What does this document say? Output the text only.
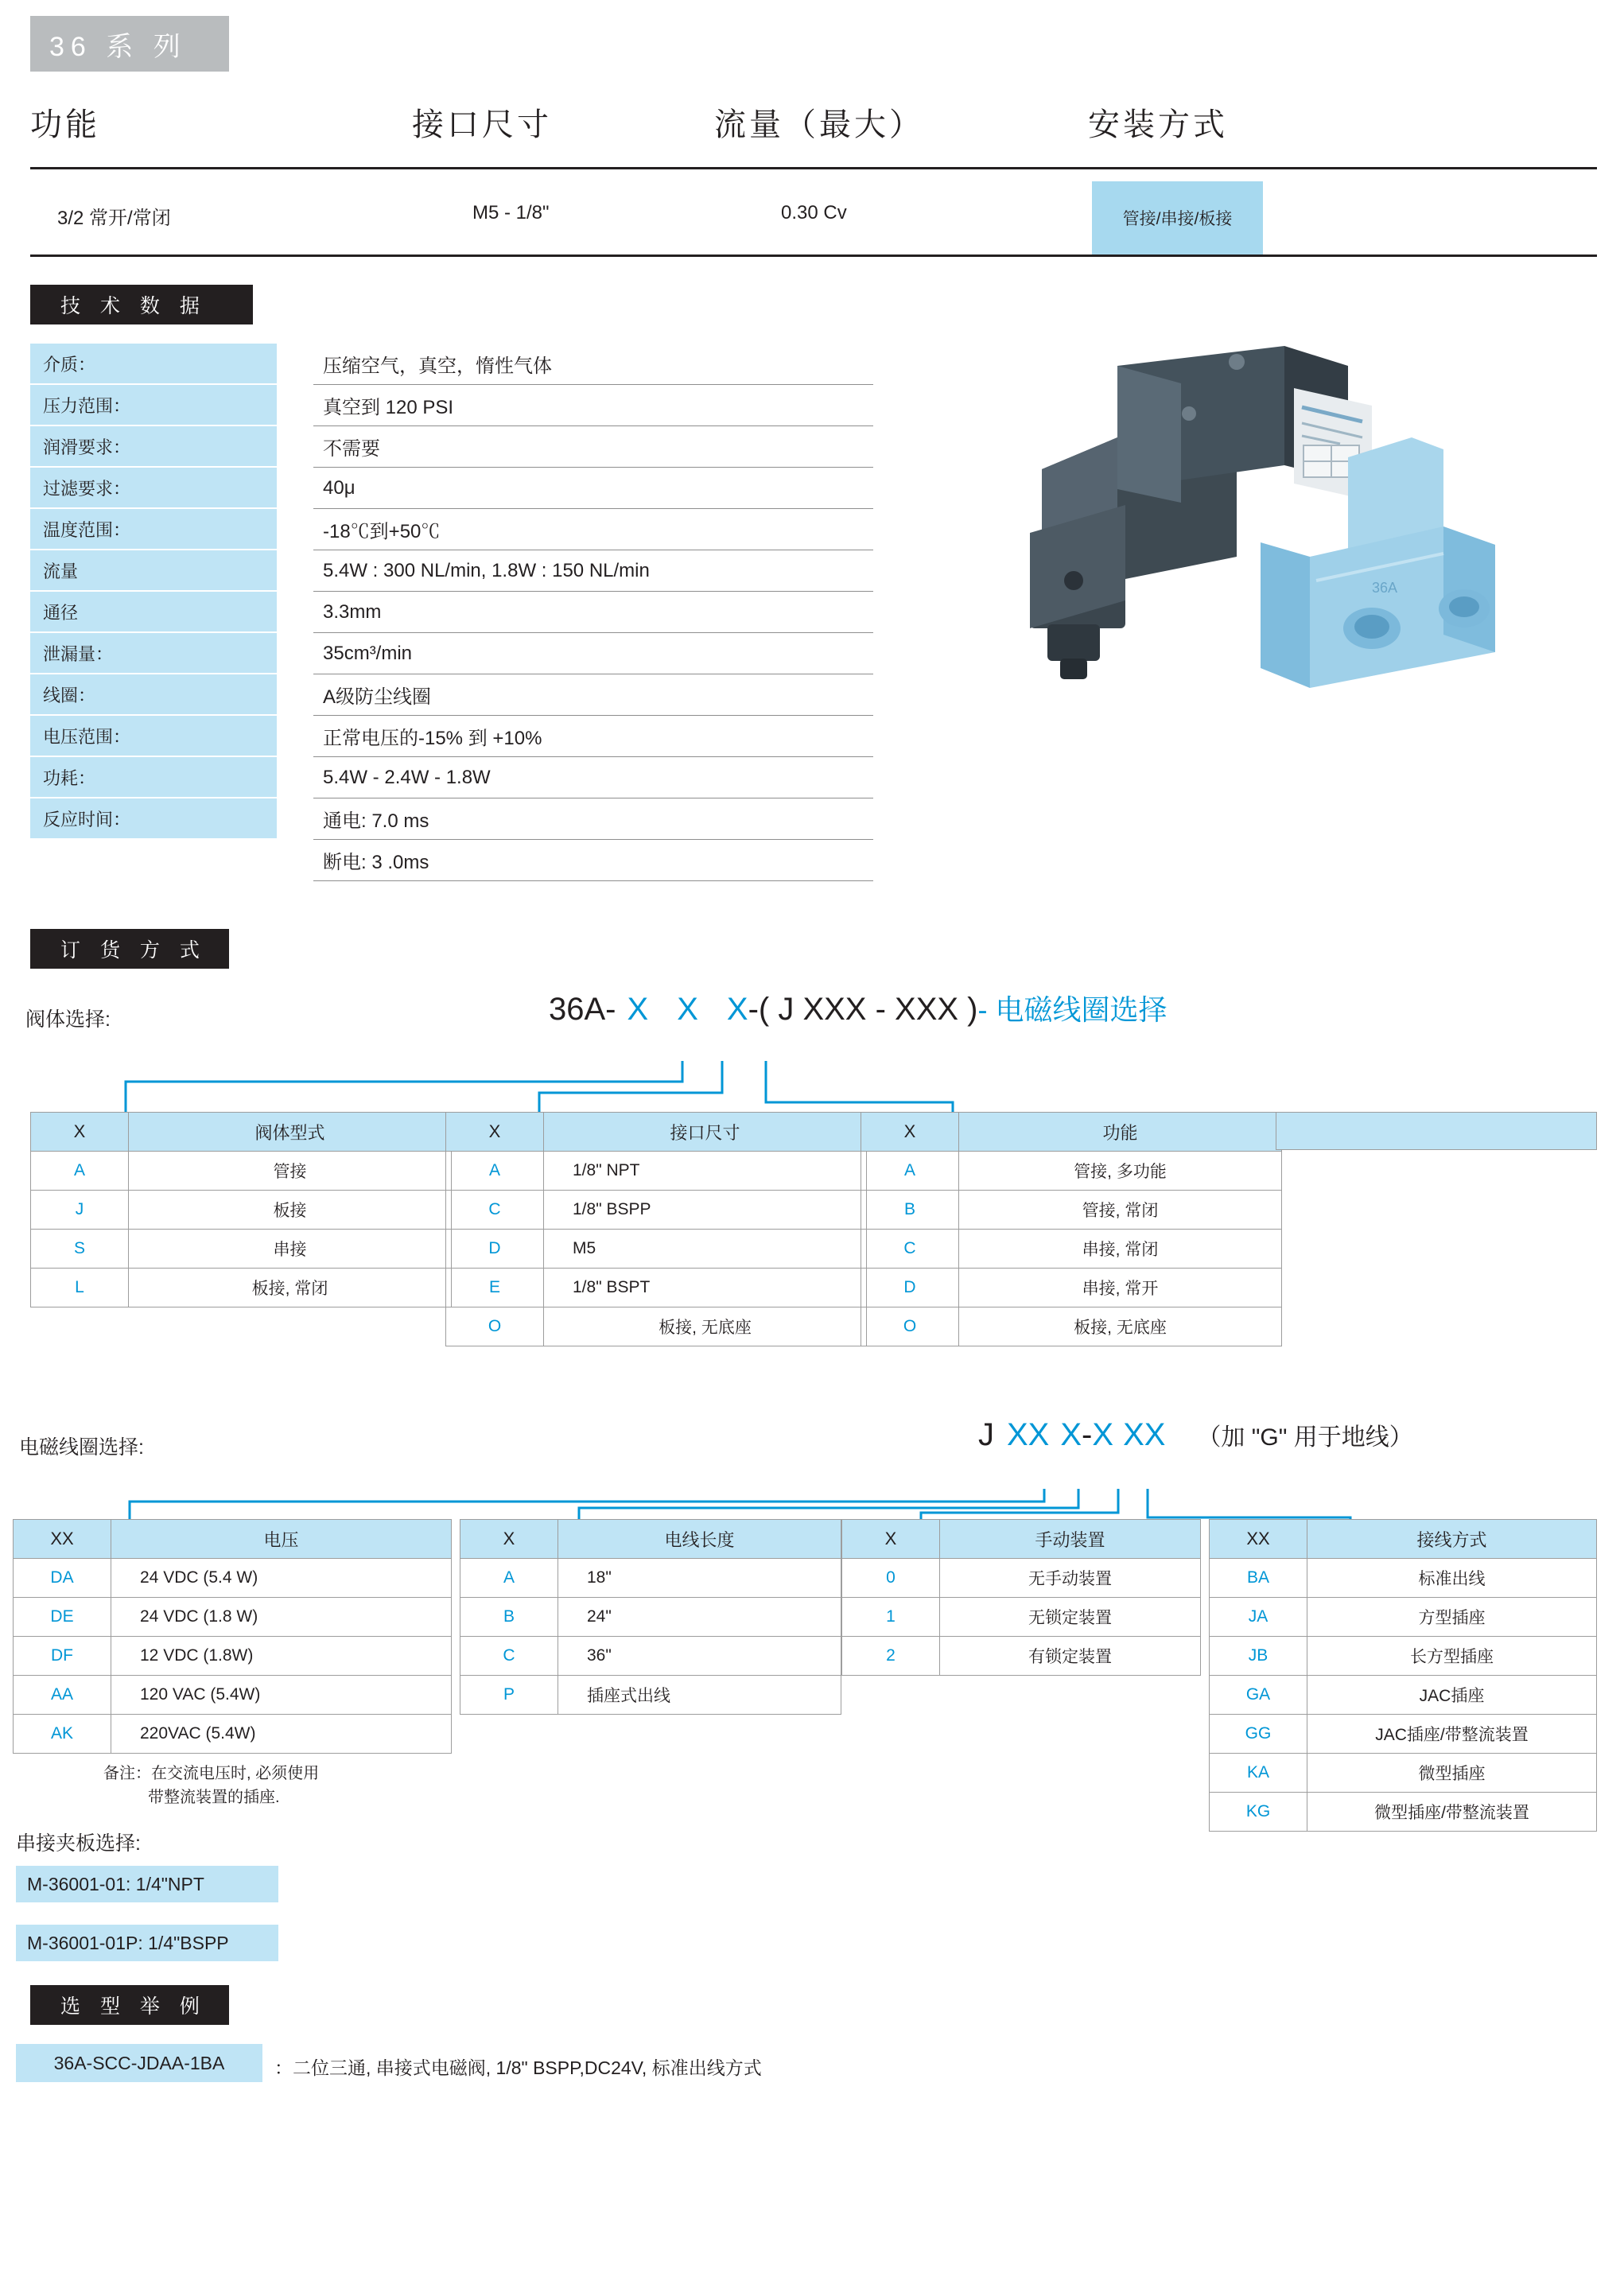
36 系 列
功能	接口尺寸	流量（最大）	安装方式
3/2 常开/常闭	M5 - 1/8"	0.30 Cv	管接/串接/板接
技 术 数 据
介质：	压缩空气，真空，惰性气体
压力范围：	真空到 120 PSI
润滑要求：	不需要
过滤要求：	40μ
温度范围：	-18℃到+50℃
流量	5.4W : 300 NL/min, 1.8W : 150 NL/min
通径	3.3mm
泄漏量：	35cm³/min
线圈：	A级防尘线圈
电压范围：	正常电压的-15% 到 +10%
功耗：	5.4W - 2.4W - 1.8W
反应时间：	通电: 7.0 ms
断电: 3 .0ms
36A
订 货 方 式
阀体选择:	36A- X X X-( J XXX - XXX )- 电磁线圈选择
X	阀体型式
A	管接
J	板接
S	串接
L	板接, 常闭
X	接口尺寸
A	1/8" NPT
C	1/8" BSPP
D	M5
E	1/8" BSPT
O	板接, 无底座
X	功能
A	管接, 多功能
B	管接, 常闭
C	串接, 常闭
D	串接, 常开
O	板接, 无底座
电磁线圈选择:	J XX X-X XX （加 "G" 用于地线）
XX	电压
DA	24 VDC (5.4 W)
DE	24 VDC (1.8 W)
DF	12 VDC (1.8W)
AA	120 VAC (5.4W)
AK	220VAC (5.4W)
X	电线长度
A	18"
B	24"
C	36"
P	插座式出线
X	手动装置
0	无手动装置
1	无锁定装置
2	有锁定装置
XX	接线方式
BA	标准出线
JA	方型插座
JB	长方型插座
GA	JAC插座
GG	JAC插座/带整流装置
KA	微型插座
KG	微型插座/带整流装置
备注：在交流电压时, 必须使用
带整流装置的插座.
串接夹板选择:
M-36001-01: 1/4"NPT
M-36001-01P: 1/4"BSPP
选 型 举 例
36A-SCC-JDAA-1BA	：二位三通, 串接式电磁阀, 1/8" BSPP,DC24V, 标准出线方式
